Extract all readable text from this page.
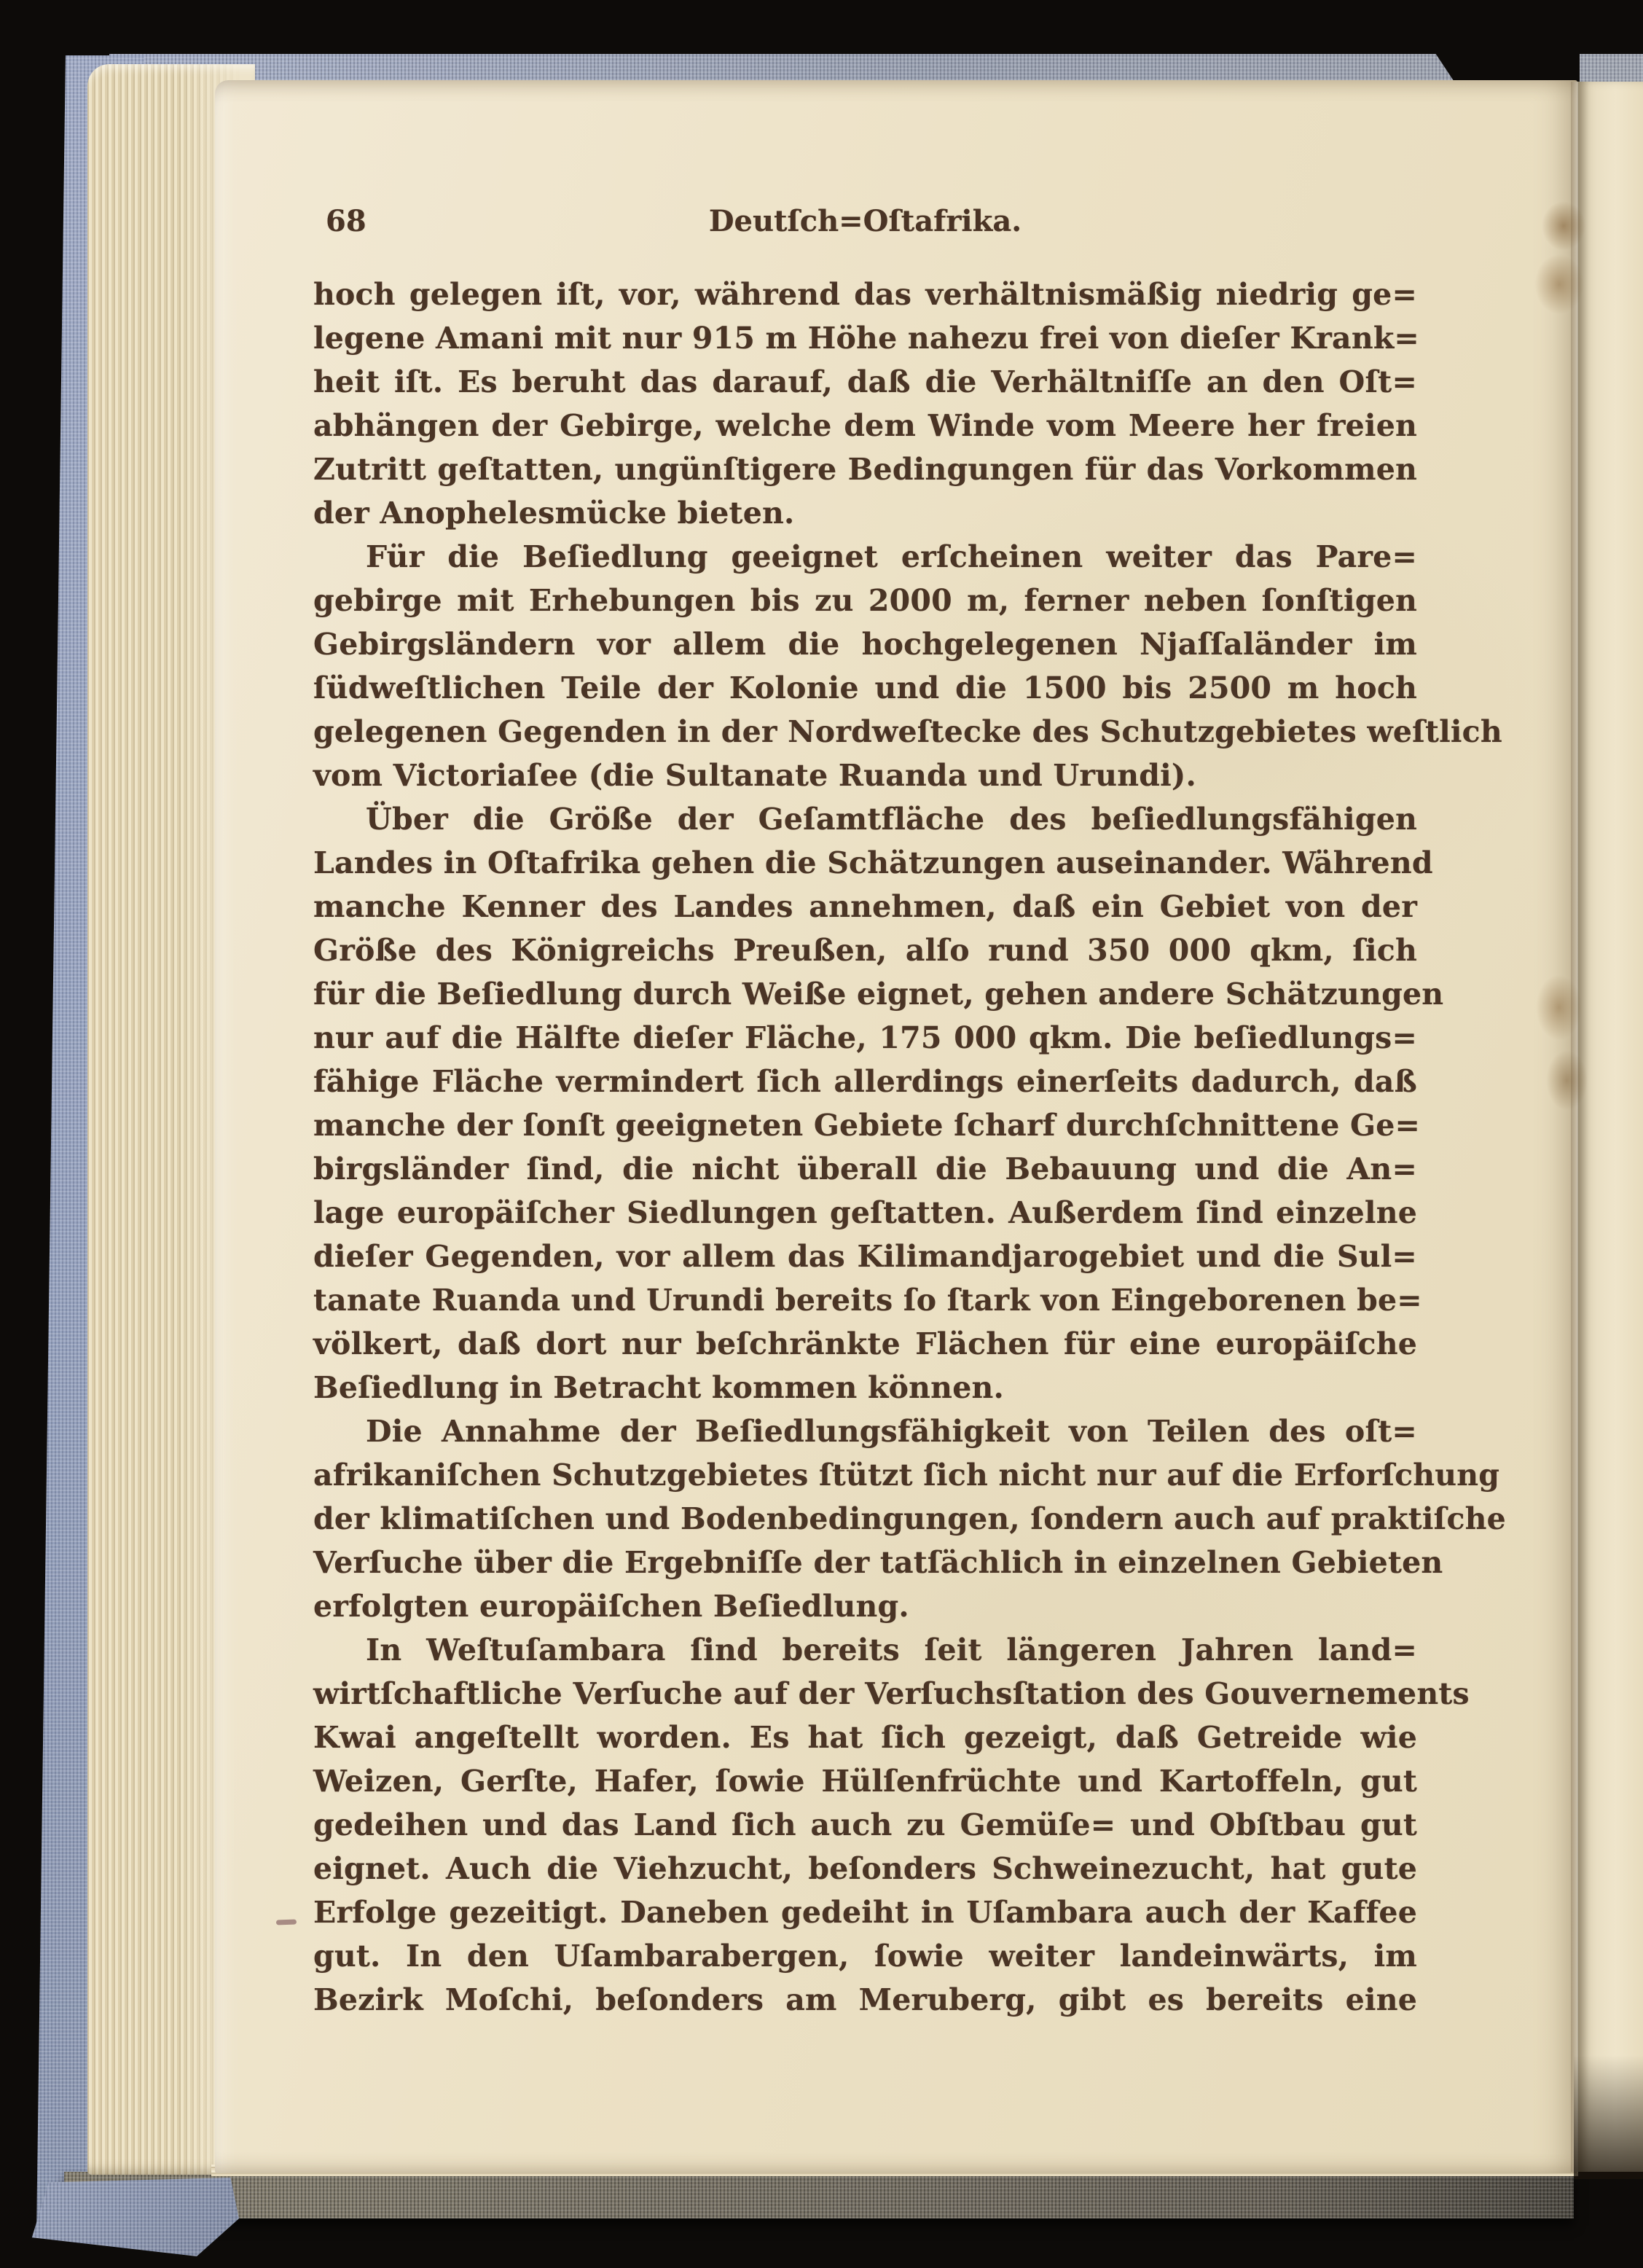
68	Deutſch=Oſtafrika.
hoch gelegen iſt, vor, während das verhältnismäßig niedrig ge=
legene Amani mit nur 915 m Höhe nahezu frei von dieſer Krank=
heit iſt. Es beruht das darauf, daß die Verhältniſſe an den Oſt=
abhängen der Gebirge, welche dem Winde vom Meere her freien
Zutritt geſtatten, ungünſtigere Bedingungen für das Vorkommen
der Anophelesmücke bieten.
Für die Beſiedlung geeignet erſcheinen weiter das Pare=
gebirge mit Erhebungen bis zu 2000 m, ferner neben ſonſtigen
Gebirgsländern vor allem die hochgelegenen Njaſſaländer im
ſüdweſtlichen Teile der Kolonie und die 1500 bis 2500 m hoch
gelegenen Gegenden in der Nordweſtecke des Schutzgebietes weſtlich
vom Victoriaſee (die Sultanate Ruanda und Urundi).
Über die Größe der Geſamtfläche des beſiedlungsfähigen
Landes in Oſtafrika gehen die Schätzungen auseinander. Während
manche Kenner des Landes annehmen, daß ein Gebiet von der
Größe des Königreichs Preußen, alſo rund 350 000 qkm, ſich
für die Beſiedlung durch Weiße eignet, gehen andere Schätzungen
nur auf die Hälfte dieſer Fläche, 175 000 qkm. Die beſiedlungs=
fähige Fläche vermindert ſich allerdings einerſeits dadurch, daß
manche der ſonſt geeigneten Gebiete ſcharf durchſchnittene Ge=
birgsländer ſind, die nicht überall die Bebauung und die An=
lage europäiſcher Siedlungen geſtatten. Außerdem ſind einzelne
dieſer Gegenden, vor allem das Kilimandjarogebiet und die Sul=
tanate Ruanda und Urundi bereits ſo ſtark von Eingeborenen be=
völkert, daß dort nur beſchränkte Flächen für eine europäiſche
Beſiedlung in Betracht kommen können.
Die Annahme der Beſiedlungsfähigkeit von Teilen des oſt=
afrikaniſchen Schutzgebietes ſtützt ſich nicht nur auf die Erforſchung
der klimatiſchen und Bodenbedingungen, ſondern auch auf praktiſche
Verſuche über die Ergebniſſe der tatſächlich in einzelnen Gebieten
erfolgten europäiſchen Beſiedlung.
In Weſtuſambara ſind bereits ſeit längeren Jahren land=
wirtſchaftliche Verſuche auf der Verſuchsſtation des Gouvernements
Kwai angeſtellt worden. Es hat ſich gezeigt, daß Getreide wie
Weizen, Gerſte, Hafer, ſowie Hülſenfrüchte und Kartoffeln, gut
gedeihen und das Land ſich auch zu Gemüſe= und Obſtbau gut
eignet. Auch die Viehzucht, beſonders Schweinezucht, hat gute
Erfolge gezeitigt. Daneben gedeiht in Uſambara auch der Kaffee
gut. In den Uſambarabergen, ſowie weiter landeinwärts, im
Bezirk Moſchi, beſonders am Meruberg, gibt es bereits eine
